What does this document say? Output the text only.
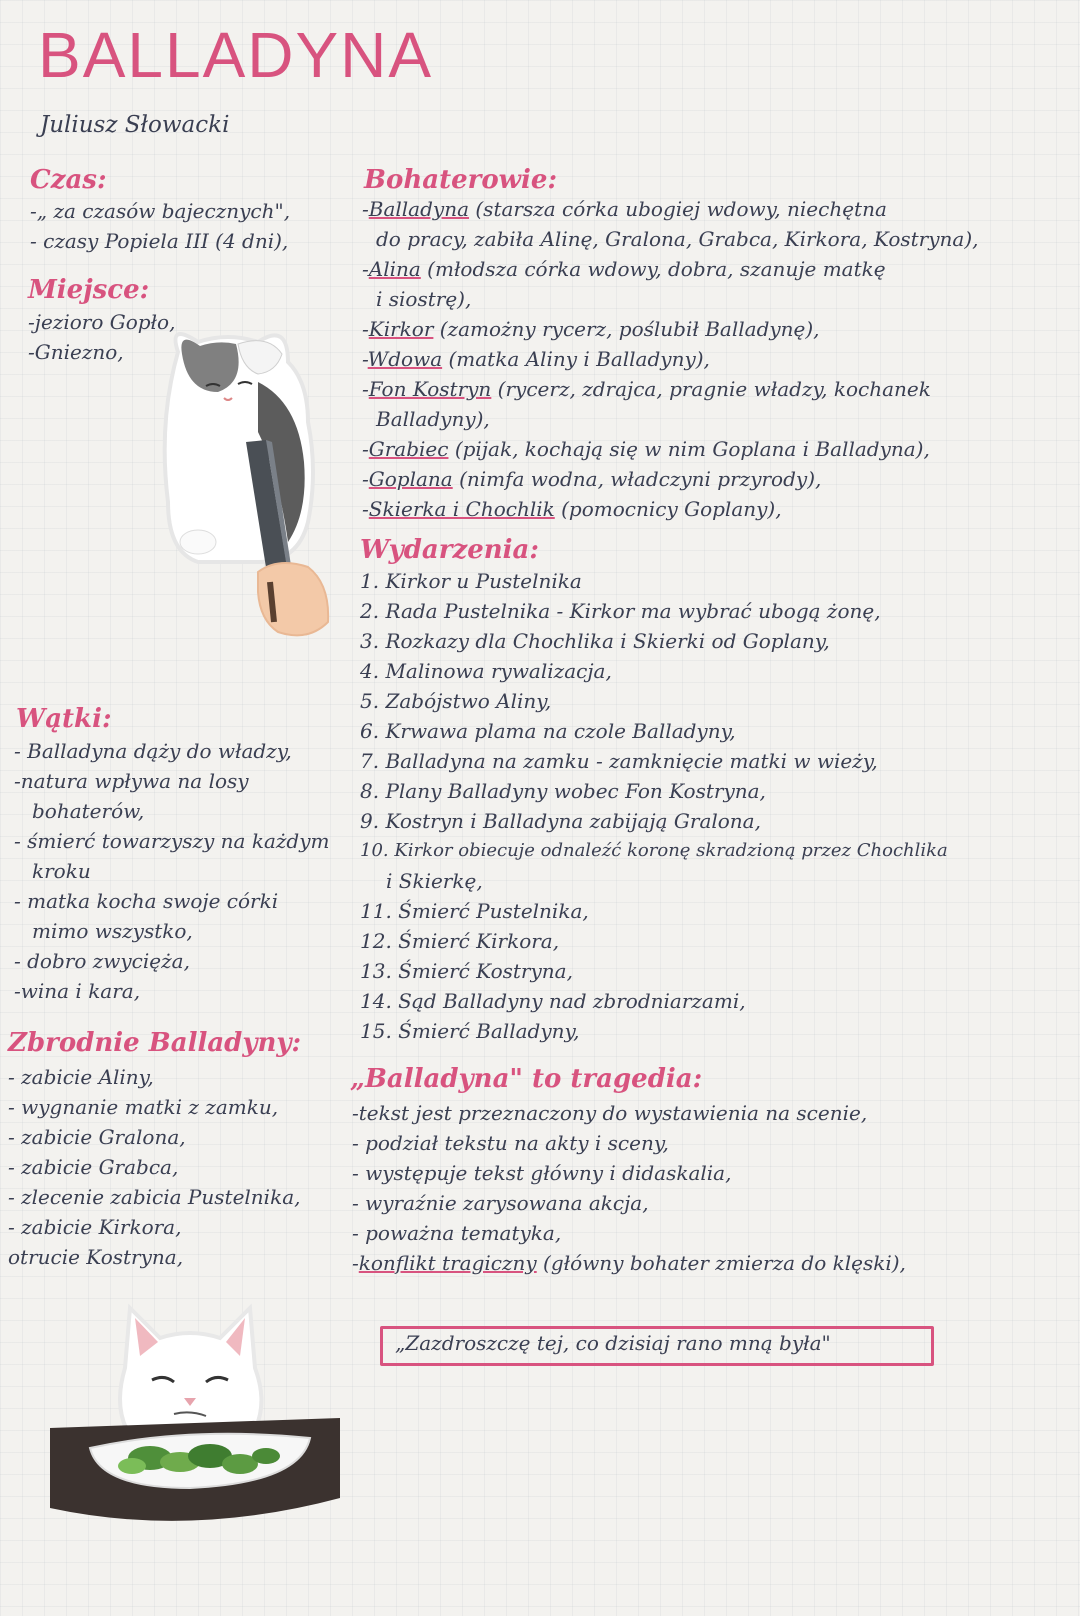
BALLADYNA
Juliusz Słowacki
Czas:
-„ za czasów bajecznych",
- czasy Popiela III (4 dni),
Miejsce:
-jezioro Gopło,
-Gniezno,
Bohaterowie:
-Balladyna (starsza córka ubogiej wdowy, niechętna
do pracy, zabiła Alinę, Gralona, Grabca, Kirkora, Kostryna),
-Alina (młodsza córka wdowy, dobra, szanuje matkę
i siostrę),
-Kirkor (zamożny rycerz, poślubił Balladynę),
-Wdowa (matka Aliny i Balladyny),
-Fon Kostryn (rycerz, zdrajca, pragnie władzy, kochanek
Balladyny),
-Grabiec (pijak, kochają się w nim Goplana i Balladyna),
-Goplana (nimfa wodna, władczyni przyrody),
-Skierka i Chochlik (pomocnicy Goplany),
Wydarzenia:
1. Kirkor u Pustelnika
2. Rada Pustelnika - Kirkor ma wybrać ubogą żonę,
3. Rozkazy dla Chochlika i Skierki od Goplany,
4. Malinowa rywalizacja,
5. Zabójstwo Aliny,
6. Krwawa plama na czole Balladyny,
7. Balladyna na zamku - zamknięcie matki w wieży,
8. Plany Balladyny wobec Fon Kostryna,
9. Kostryn i Balladyna zabijają Gralona,
10. Kirkor obiecuje odnaleźć koronę skradzioną przez Chochlika
i Skierkę,
11. Śmierć Pustelnika,
12. Śmierć Kirkora,
13. Śmierć Kostryna,
14. Sąd Balladyny nad zbrodniarzami,
15. Śmierć Balladyny,
Wątki:
- Balladyna dąży do władzy,
-natura wpływa na losy
bohaterów,
- śmierć towarzyszy na każdym
kroku
- matka kocha swoje córki
mimo wszystko,
- dobro zwycięża,
-wina i kara,
Zbrodnie Balladyny:
- zabicie Aliny,
- wygnanie matki z zamku,
- zabicie Gralona,
- zabicie Grabca,
- zlecenie zabicia Pustelnika,
- zabicie Kirkora,
otrucie Kostryna,
„Balladyna" to tragedia:
-tekst jest przeznaczony do wystawienia na scenie,
- podział tekstu na akty i sceny,
- występuje tekst główny i didaskalia,
- wyraźnie zarysowana akcja,
- poważna tematyka,
-konflikt tragiczny (główny bohater zmierza do klęski),
„Zazdroszczę tej, co dzisiaj rano mną była"
